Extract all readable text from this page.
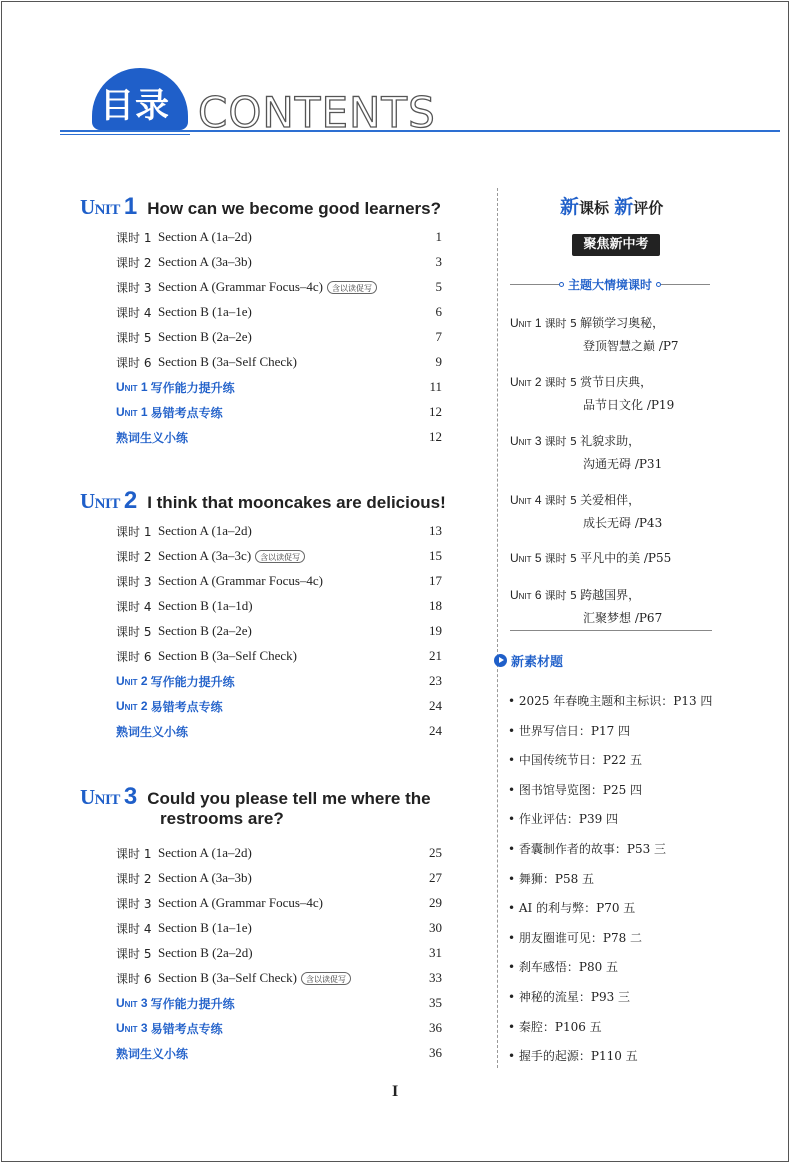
目录 CONTENTS
Unit 1 How can we become good learners?
课时 1 Section A (1a–2d)	1
课时 2 Section A (3a–3b)	3
课时 3 Section A (Grammar Focus–4c)	含以读促写	5
课时 4 Section B (1a–1e)	6
课时 5 Section B (2a–2e)	7
课时 6 Section B (3a–Self Check)	9
Unit 1 写作能力提升练	11
Unit 1 易错考点专练	12
熟词生义小练	12
Unit 2 I think that mooncakes are delicious!
课时 1 Section A (1a–2d)	13
课时 2 Section A (3a–3c)	含以读促写	15
课时 3 Section A (Grammar Focus–4c)	17
课时 4 Section B (1a–1d)	18
课时 5 Section B (2a–2e)	19
课时 6 Section B (3a–Self Check)	21
Unit 2 写作能力提升练	23
Unit 2 易错考点专练	24
熟词生义小练	24
Unit 3 Could you please tell me where the
restrooms are?
课时 1 Section A (1a–2d)	25
课时 2 Section A (3a–3b)	27
课时 3 Section A (Grammar Focus–4c)	29
课时 4 Section B (1a–1e)	30
课时 5 Section B (2a–2d)	31
课时 6 Section B (3a–Self Check)	含以读促写	33
Unit 3 写作能力提升练	35
Unit 3 易错考点专练	36
熟词生义小练	36
新课标 新评价
聚焦新中考
主题大情境课时
Unit 1 课时 5 解锁学习奥秘，
登顶智慧之巅 /P7
Unit 2 课时 5 赏节日庆典，
品节日文化 /P19
Unit 3 课时 5 礼貌求助，
沟通无碍 /P31
Unit 4 课时 5 关爱相伴，
成长无碍 /P43
Unit 5 课时 5 平凡中的美 /P55
Unit 6 课时 5 跨越国界，
汇聚梦想 /P67
新素材题
• 2025 年春晚主题和主标识：P13 四
• 世界写信日：P17 四
• 中国传统节日：P22 五
• 图书馆导览图：P25 四
• 作业评估：P39 四
• 香囊制作者的故事：P53 三
• 舞狮：P58 五
• AI 的利与弊：P70 五
• 朋友圈谁可见：P78 二
• 刹车感悟：P80 五
• 神秘的流星：P93 三
• 秦腔：P106 五
• 握手的起源：P110 五
I
